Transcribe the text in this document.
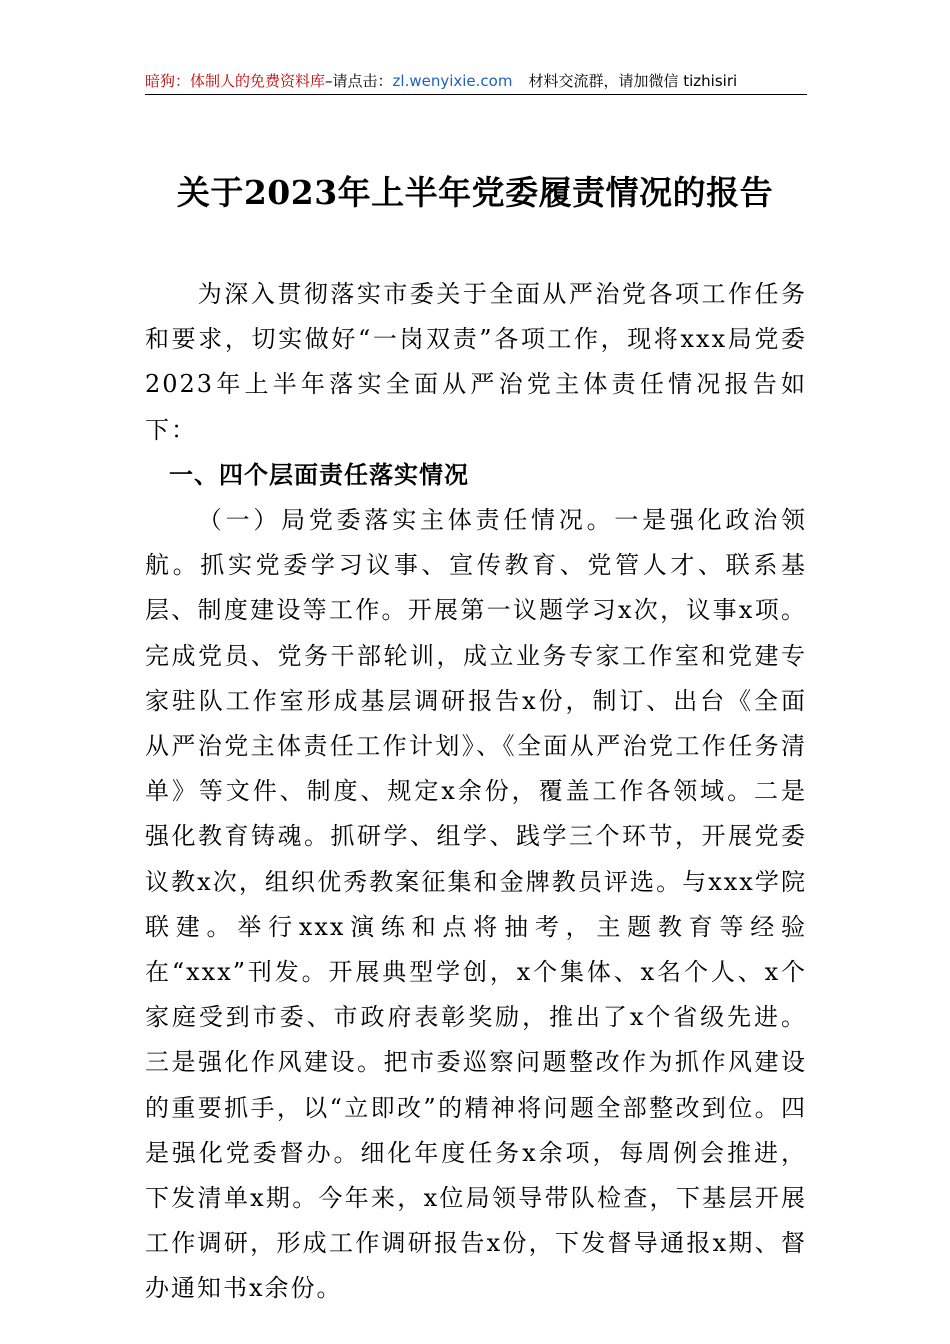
暗狗：体制人的免费资料库–请点击：zl.wenyixie.com 材料交流群，请加微信 tizhisiri
关于2023年上半年党委履责情况的报告

为深入贯彻落实市委关于全面从严治党各项工作任务和要求，切实做好“一岗双责”各项工作，现将xxx局党委2023年上半年落实全面从严治党主体责任情况报告如下：

一、四个层面责任落实情况

（一）局党委落实主体责任情况。一是强化政治领航。抓实党委学习议事、宣传教育、党管人才、联系基层、制度建设等工作。开展第一议题学习x次，议事x项。完成党员、党务干部轮训，成立业务专家工作室和党建专家驻队工作室形成基层调研报告x份，制订、出台《全面从严治党主体责任工作计划》、《全面从严治党工作任务清单》等文件、制度、规定x余份，覆盖工作各领域。二是强化教育铸魂。抓研学、组学、践学三个环节，开展党委议教x次，组织优秀教案征集和金牌教员评选。与xxx学院联建。举行xxx演练和点将抽考，主题教育等经验在“xxx”刊发。开展典型学创，x个集体、x名个人、x个家庭受到市委、市政府表彰奖励，推出了x个省级先进。三是强化作风建设。把市委巡察问题整改作为抓作风建设的重要抓手，以“立即改”的精神将问题全部整改到位。四是强化党委督办。细化年度任务x余项，每周例会推进，下发清单x期。今年来，x位局领导带队检查，下基层开展工作调研，形成工作调研报告x份，下发督导通报x期、督办通知书x余份。
